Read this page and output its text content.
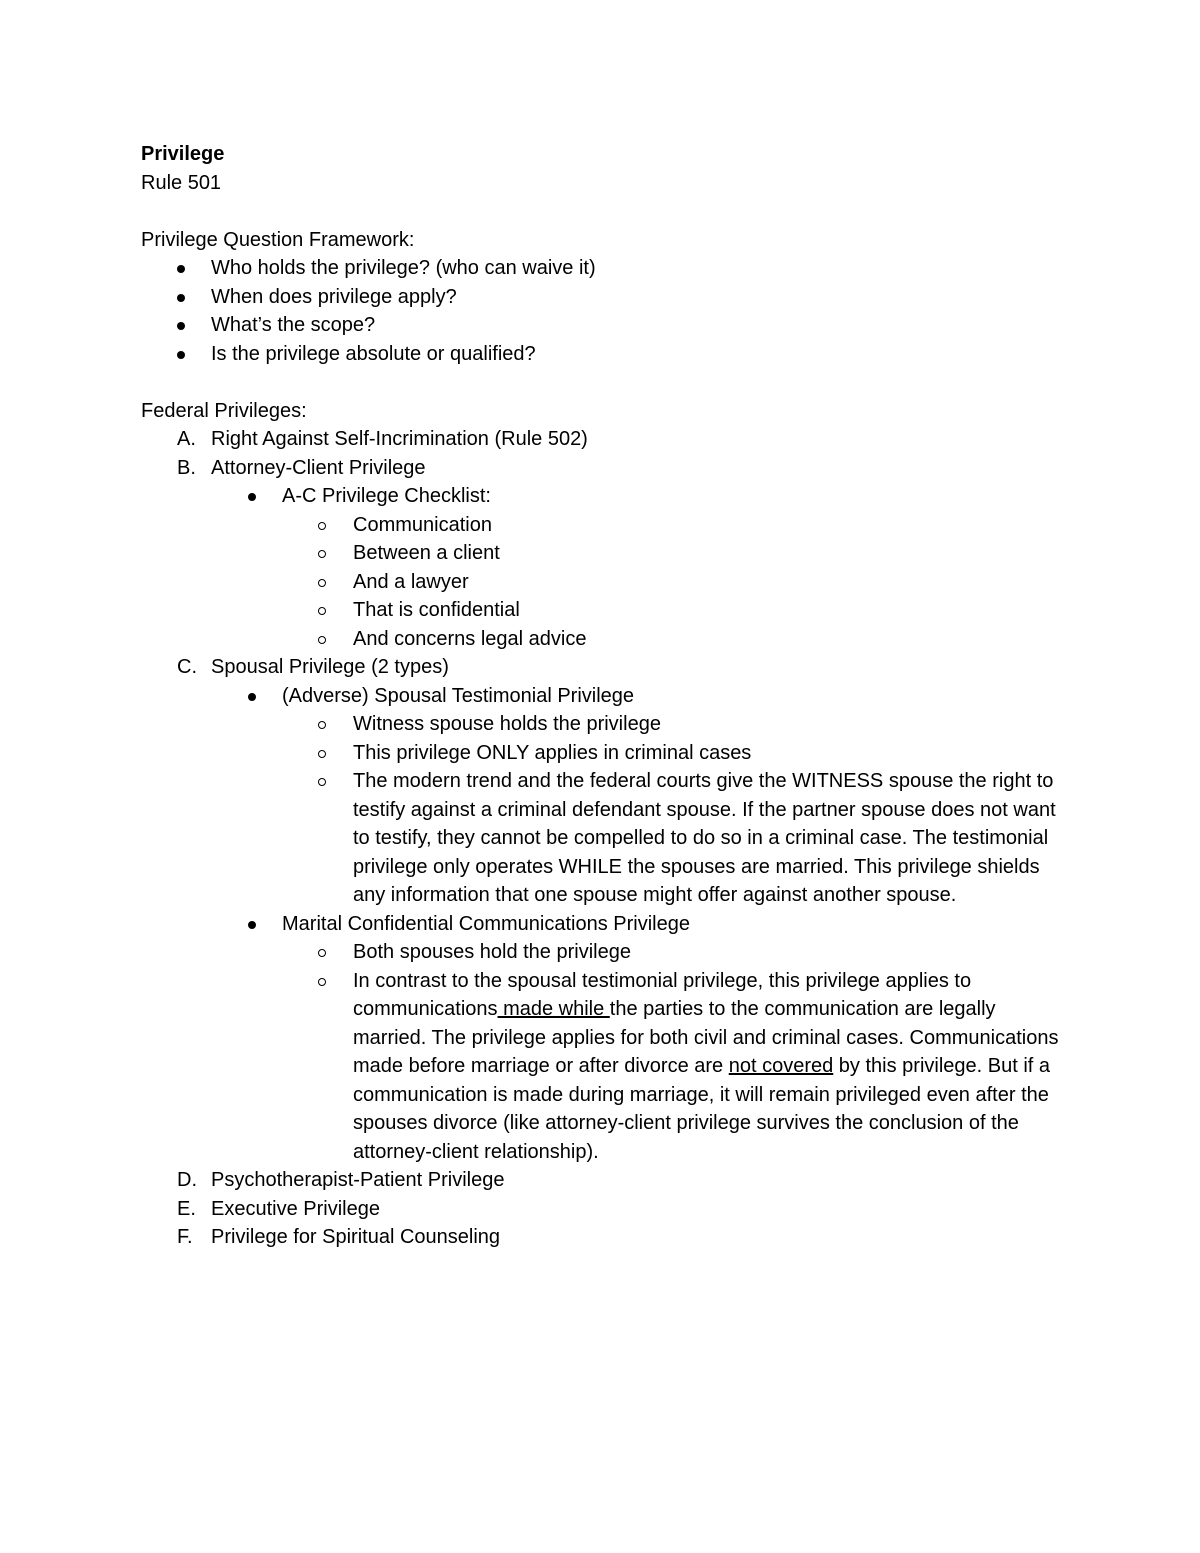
Privilege
Rule 501
Privilege Question Framework:
Who holds the privilege? (who can waive it)
When does privilege apply?
What’s the scope?
Is the privilege absolute or qualified?
Federal Privileges:
A. Right Against Self-Incrimination (Rule 502)
B. Attorney-Client Privilege
A-C Privilege Checklist:
Communication
Between a client
And a lawyer
That is confidential
And concerns legal advice
C. Spousal Privilege (2 types)
(Adverse) Spousal Testimonial Privilege
Witness spouse holds the privilege
This privilege ONLY applies in criminal cases
The modern trend and the federal courts give the WITNESS spouse the right to testify against a criminal defendant spouse. If the partner spouse does not want to testify, they cannot be compelled to do so in a criminal case. The testimonial privilege only operates WHILE the spouses are married. This privilege shields any information that one spouse might offer against another spouse.
Marital Confidential Communications Privilege
Both spouses hold the privilege
In contrast to the spousal testimonial privilege, this privilege applies to communications made while the parties to the communication are legally married. The privilege applies for both civil and criminal cases. Communications made before marriage or after divorce are not covered by this privilege. But if a communication is made during marriage, it will remain privileged even after the spouses divorce (like attorney-client privilege survives the conclusion of the attorney-client relationship).
D. Psychotherapist-Patient Privilege
E. Executive Privilege
F. Privilege for Spiritual Counseling
